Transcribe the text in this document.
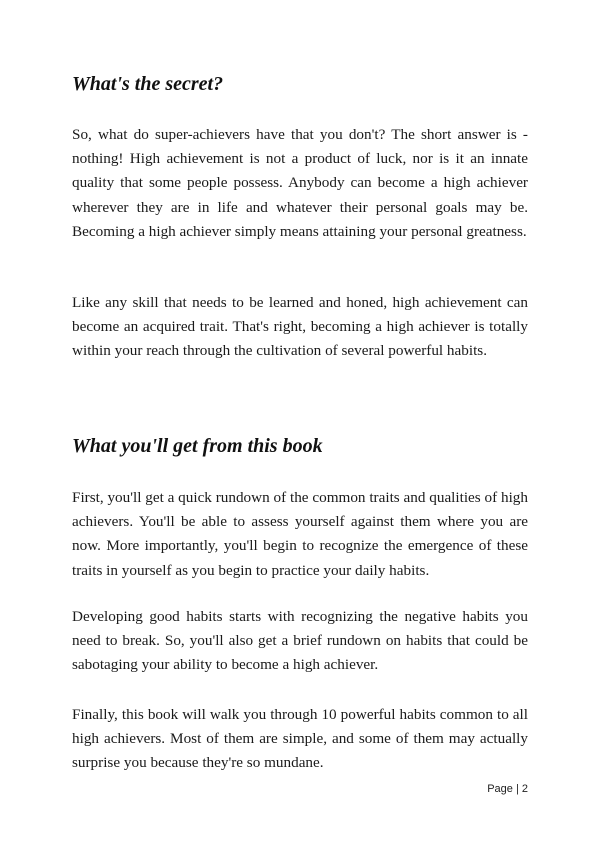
What's the secret?

So, what do super-achievers have that you don't? The short answer is - nothing! High achievement is not a product of luck, nor is it an innate quality that some people possess. Anybody can become a high achiever wherever they are in life and whatever their personal goals may be. Becoming a high achiever simply means attaining your personal greatness.

Like any skill that needs to be learned and honed, high achievement can become an acquired trait. That's right, becoming a high achiever is totally within your reach through the cultivation of several powerful habits.

What you'll get from this book

First, you'll get a quick rundown of the common traits and qualities of high achievers. You'll be able to assess yourself against them where you are now. More importantly, you'll begin to recognize the emergence of these traits in yourself as you begin to practice your daily habits.

Developing good habits starts with recognizing the negative habits you need to break. So, you'll also get a brief rundown on habits that could be sabotaging your ability to become a high achiever.

Finally, this book will walk you through 10 powerful habits common to all high achievers. Most of them are simple, and some of them may actually surprise you because they're so mundane.

Page | 2
